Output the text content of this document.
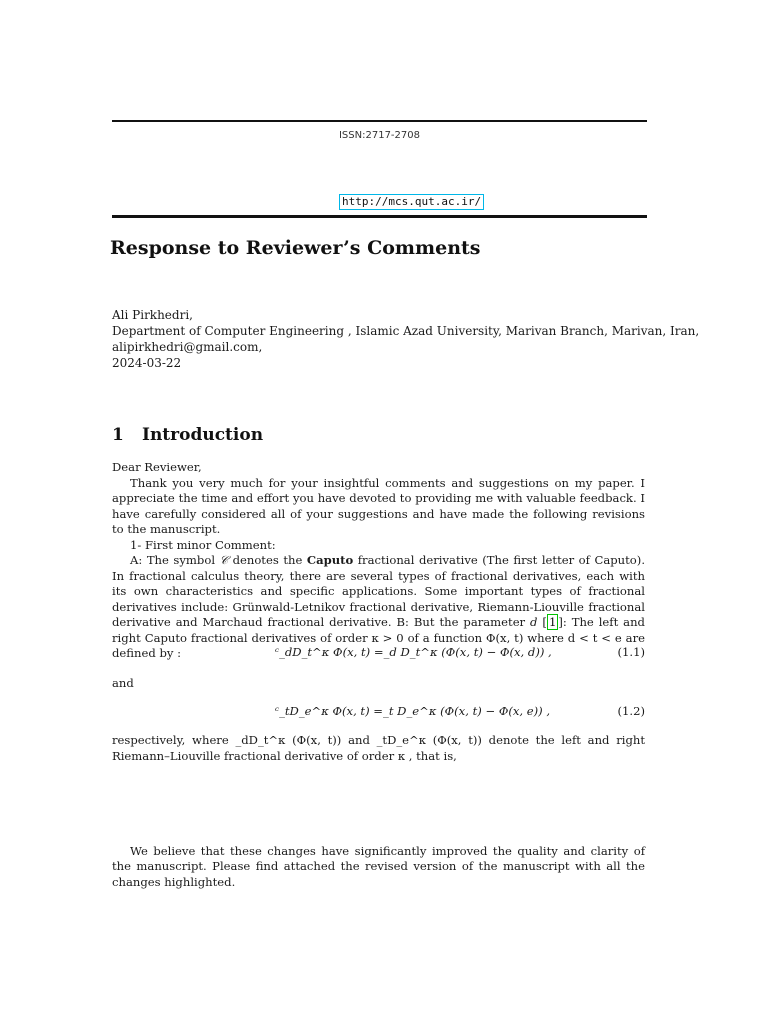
ISSN:2717-2708
http://mcs.qut.ac.ir/
Response to Reviewer’s Comments
Ali Pirkhedri,
Department of Computer Engineering , Islamic Azad University, Marivan Branch, Marivan, Iran,
alipirkhedri@gmail.com,
2024-03-22
1 Introduction

Dear Reviewer,

Thank you very much for your insightful comments and suggestions on my paper. I appreciate the time and effort you have devoted to providing me with valuable feedback. I have carefully considered all of your suggestions and have made the following revisions to the manuscript.

1- First minor Comment:

A: The symbol 𝒞 denotes the Caputo fractional derivative (The first letter of Caputo). In fractional calculus theory, there are several types of fractional derivatives, each with its own characteristics and specific applications. Some important types of fractional derivatives include: Grünwald-Letnikov fractional derivative, Riemann-Liouville fractional derivative and Marchaud fractional derivative. B: But the parameter d [ 1 ]: The left and right Caputo fractional derivatives of order κ > 0 of a function Φ(x, t) where d < t < e are defined by :	ᶜ_dD_t^κ Φ(x, t) =_d D_t^κ (Φ(x, t) − Φ(x, d)) ,	(1.1)
and
ᶜ_tD_e^κ Φ(x, t) =_t D_e^κ (Φ(x, t) − Φ(x, e)) ,	(1.2)
respectively, where _dD_t^κ (Φ(x, t)) and _tD_e^κ (Φ(x, t)) denote the left and right Riemann–Liouville fractional derivative of order κ , that is,

We believe that these changes have significantly improved the quality and clarity of the manuscript. Please find attached the revised version of the manuscript with all the changes highlighted.
